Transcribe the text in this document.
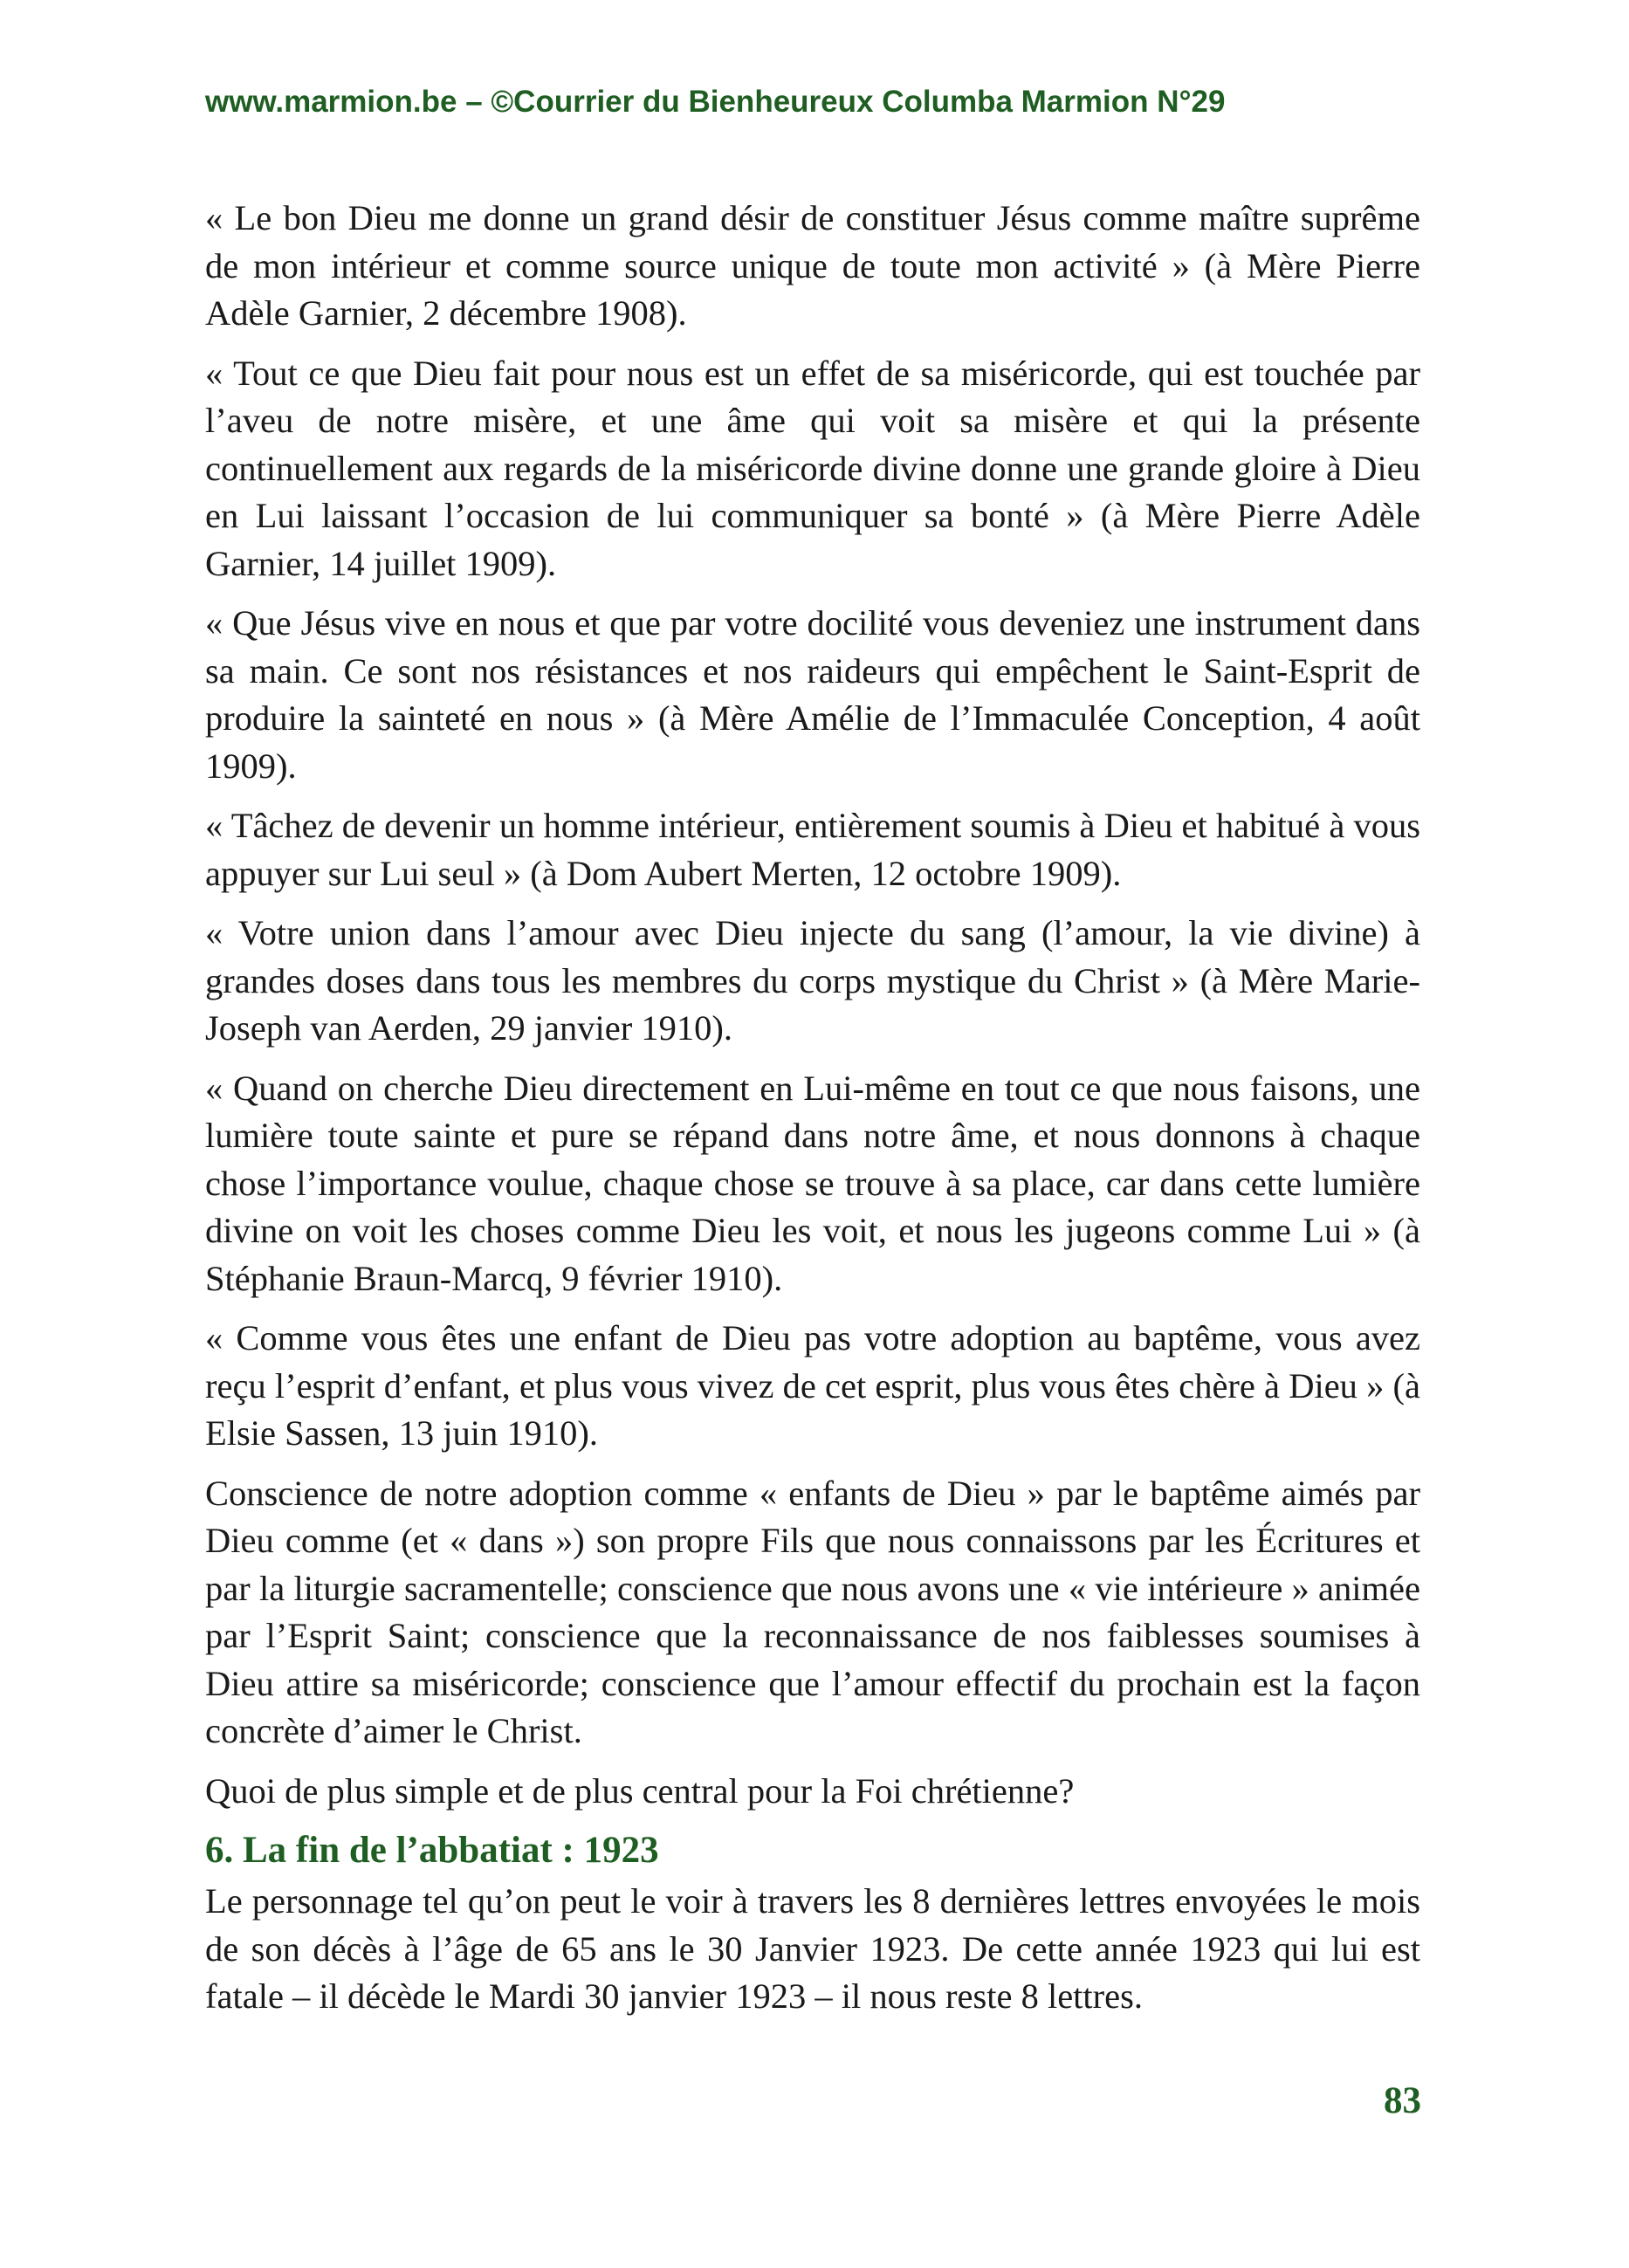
www.marmion.be – ©Courrier du Bienheureux Columba Marmion N°29

« Le bon Dieu me donne un grand désir de constituer Jésus comme maître suprême de mon intérieur et comme source unique de toute mon activité » (à Mère Pierre Adèle Garnier, 2 décembre 1908).

« Tout ce que Dieu fait pour nous est un effet de sa miséricorde, qui est touchée par l’aveu de notre misère, et une âme qui voit sa misère et qui la présente continuellement aux regards de la miséricorde divine donne une grande gloire à Dieu en Lui laissant l’occasion de lui communiquer sa bonté » (à Mère Pierre Adèle Garnier, 14 juillet 1909).

« Que Jésus vive en nous et que par votre docilité vous deveniez une instrument dans sa main. Ce sont nos résistances et nos raideurs qui empêchent le Saint-Esprit de produire la sainteté en nous » (à Mère Amélie de l’Immaculée Conception, 4 août 1909).

« Tâchez de devenir un homme intérieur, entièrement soumis à Dieu et habitué à vous appuyer sur Lui seul » (à Dom Aubert Merten, 12 octobre 1909).

« Votre union dans l’amour avec Dieu injecte du sang (l’amour, la vie divine) à grandes doses dans tous les membres du corps mystique du Christ » (à Mère Marie-Joseph van Aerden, 29 janvier 1910).

« Quand on cherche Dieu directement en Lui-même en tout ce que nous faisons, une lumière toute sainte et pure se répand dans notre âme, et nous donnons à chaque chose l’importance voulue, chaque chose se trouve à sa place, car dans cette lumière divine on voit les choses comme Dieu les voit, et nous les jugeons comme Lui » (à Stéphanie Braun-Marcq, 9 février 1910).

« Comme vous êtes une enfant de Dieu pas votre adoption au baptême, vous avez reçu l’esprit d’enfant, et plus vous vivez de cet esprit, plus vous êtes chère à Dieu » (à Elsie Sassen, 13 juin 1910).

Conscience de notre adoption comme « enfants de Dieu » par le baptême aimés par Dieu comme (et « dans ») son propre Fils que nous connaissons par les Écritures et par la liturgie sacramentelle; conscience que nous avons une « vie intérieure » animée par l’Esprit Saint; conscience que la reconnaissance de nos faiblesses soumises à Dieu attire sa miséricorde; conscience que l’amour effectif du prochain est la façon concrète d’aimer le Christ.

Quoi de plus simple et de plus central pour la Foi chrétienne?

6. La fin de l’abbatiat : 1923

Le personnage tel qu’on peut le voir à travers les 8 dernières lettres envoyées le mois de son décès à l’âge de 65 ans le 30 Janvier 1923. De cette année 1923 qui lui est fatale – il décède le Mardi 30 janvier 1923 – il nous reste 8 lettres.

83
